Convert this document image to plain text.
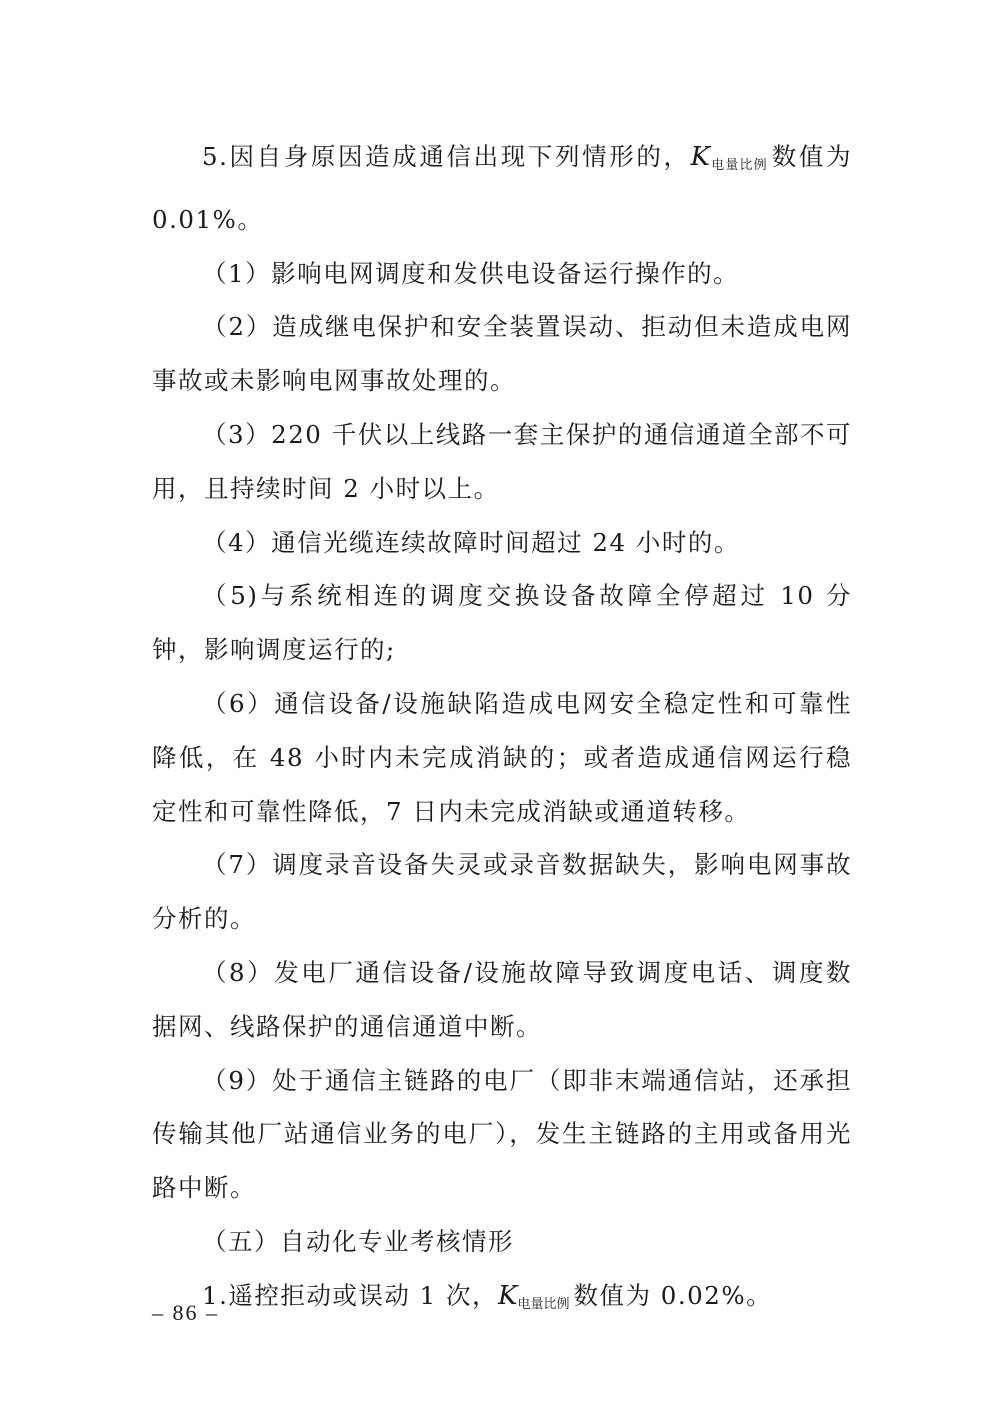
5.因自身原因造成通信出现下列情形的，$K_{电量比例}$ 数值为 0.01%。

（1）影响电网调度和发供电设备运行操作的。

（2）造成继电保护和安全装置误动、拒动但未造成电网事故或未影响电网事故处理的。

（3）220 千伏以上线路一套主保护的通信通道全部不可用，且持续时间 2 小时以上。

（4）通信光缆连续故障时间超过 24 小时的。

（5)与系统相连的调度交换设备故障全停超过 10 分钟，影响调度运行的;

（6）通信设备/设施缺陷造成电网安全稳定性和可靠性降低，在 48 小时内未完成消缺的；或者造成通信网运行稳定性和可靠性降低，7 日内未完成消缺或通道转移。

（7）调度录音设备失灵或录音数据缺失，影响电网事故分析的。

（8）发电厂通信设备/设施故障导致调度电话、调度数据网、线路保护的通信通道中断。

（9）处于通信主链路的电厂（即非末端通信站，还承担传输其他厂站通信业务的电厂），发生主链路的主用或备用光路中断。

（五）自动化专业考核情形

1.遥控拒动或误动 1 次，$K_{电量比例}$ 数值为 0.02%。

– 86 –
